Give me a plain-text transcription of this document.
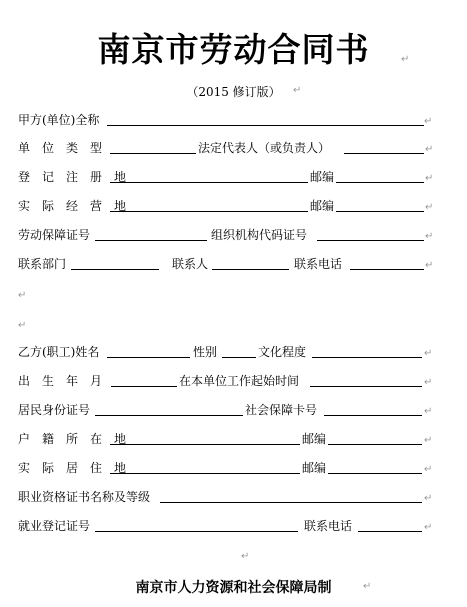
南京市劳动合同书	↵
（2015 修订版）	↵
甲方(单位)全称	↵
单　位　类　型	法定代表人（或负责人）	↵
登　记　注　册　地	邮编	↵
实　际　经　营　地	邮编	↵
劳动保障证号	组织机构代码证号	↵
联系部门	联系人	联系电话	↵
↵
↵
乙方(职工)姓名	性别	文化程度	↵
出　生　年　月	在本单位工作起始时间	↵
居民身份证号	社会保障卡号	↵
户　籍　所　在　地	邮编	↵
实　际　居　住　地	邮编	↵
职业资格证书名称及等级	↵
就业登记证号	联系电话	↵
↵
南京市人力资源和社会保障局制	↵
